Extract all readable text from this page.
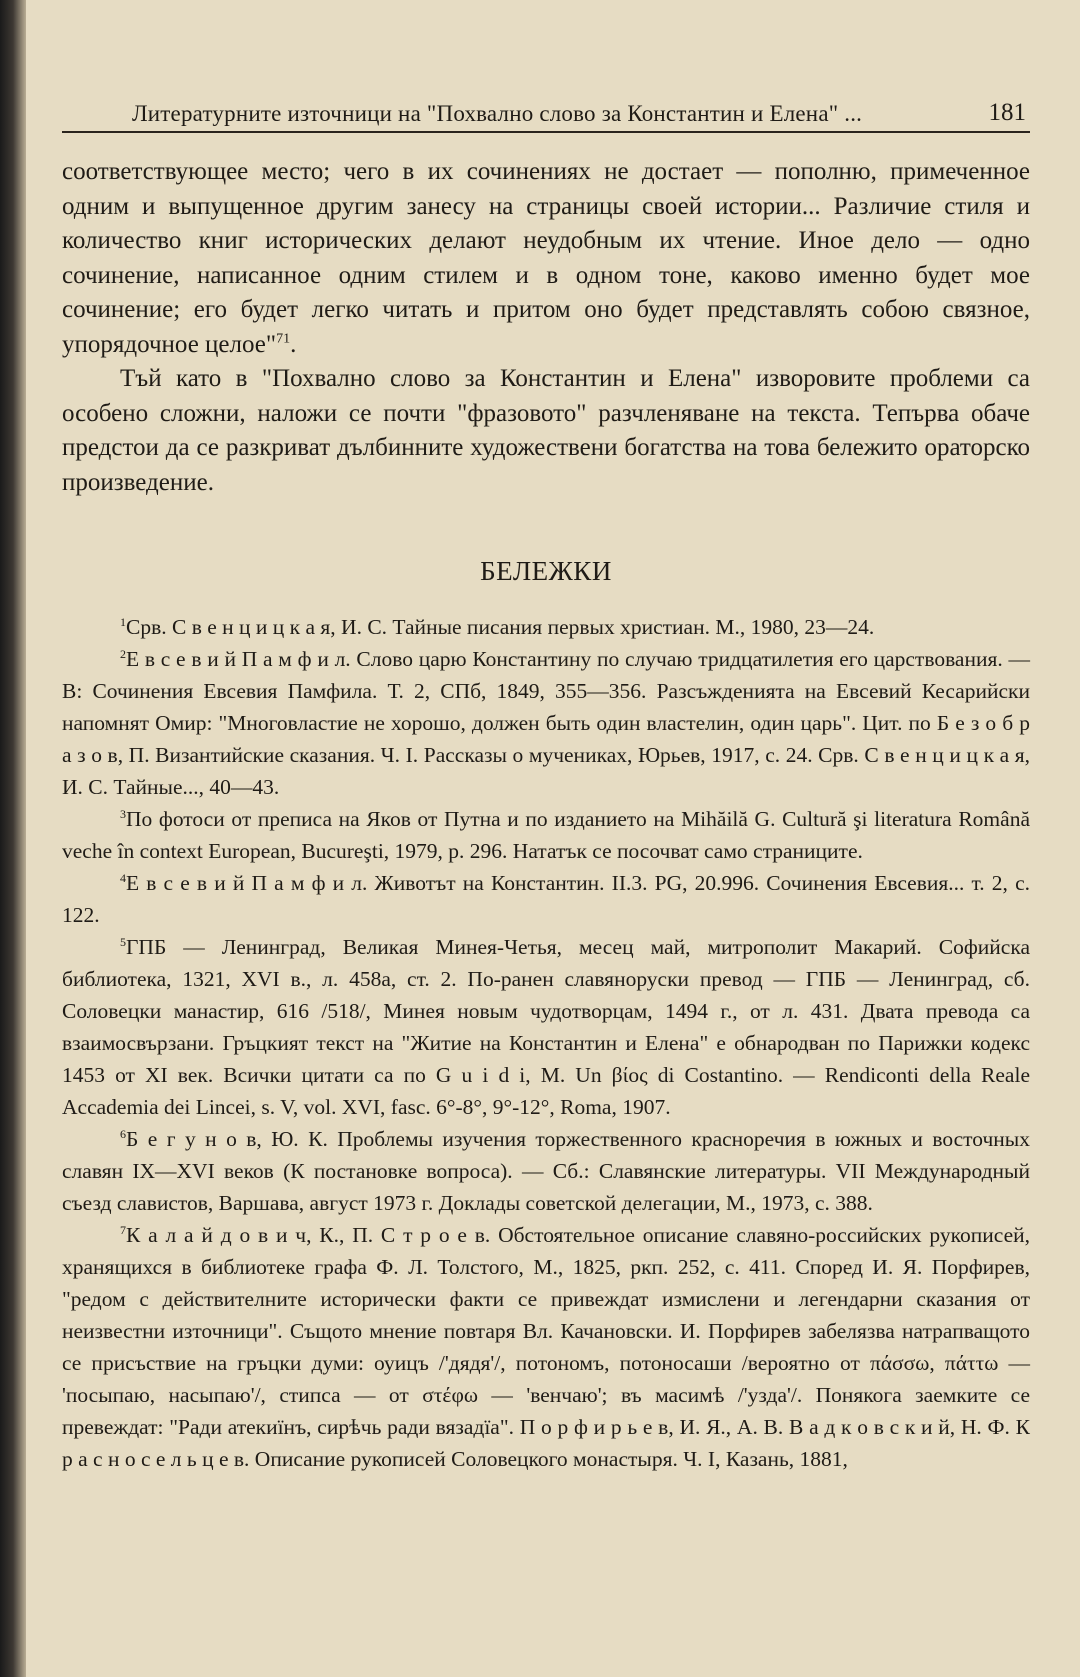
Литературните източници на "Похвално слово за Константин и Елена" ...	181

соответствующее место; чего в их сочинениях не достает — пополню, примеченное одним и выпущенное другим занесу на страницы своей истории... Различие стиля и количество книг исторических делают неудобным их чтение. Иное дело — одно сочинение, написанное одним стилем и в одном тоне, каково именно будет мое сочинение; его будет легко читать и притом оно будет представлять собою связное, упорядочное целое"$^{71}$.

Тъй като в "Похвално слово за Константин и Елена" изворовите проблеми са особено сложни, наложи се почти "фразовото" разчленяване на текста. Тепърва обаче предстои да се разкриват дълбинните художествени богатства на това бележито ораторско произведение.

БЕЛЕЖКИ

$^1$Срв. С в е н ц и ц к а я, И. С. Тайные писания первых христиан. М., 1980, 23—24.

$^2$Е в с е в и й П а м ф и л. Слово царю Константину по случаю тридцатилетия его царствования. — В: Сочинения Евсевия Памфила. Т. 2, СПб, 1849, 355—356. Разсъжденията на Евсевий Кесарийски напомнят Омир: "Многовластие не хорошо, должен быть один властелин, один царь". Цит. по Б е з о б р а з о в, П. Византийские сказания. Ч. I. Рассказы о мучениках, Юрьев, 1917, с. 24. Срв. С в е н ц и ц к а я, И. С. Тайные..., 40—43.

$^3$По фотоси от преписа на Яков от Путна и по изданието на Mihăilă G. Cultură şi literatura Română veche în context European, Bucureşti, 1979, p. 296. Нататък се посочват само страниците.

$^4$Е в с е в и й П а м ф и л. Животът на Константин. II.3. PG, 20.996. Сочинения Евсевия... т. 2, с. 122.

$^5$ГПБ — Ленинград, Великая Минея-Четья, месец май, митрополит Макарий. Софийска библиотека, 1321, XVI в., л. 458а, ст. 2. По-ранен славяноруски превод — ГПБ — Ленинград, сб. Соловецки манастир, 616 /518/, Минея новым чудотворцам, 1494 г., от л. 431. Двата превода са взаимосвързани. Гръцкият текст на "Житие на Константин и Елена" е обнародван по Парижки кодекс 1453 от XI век. Всички цитати са по G u i d i, M. Un βίος di Costantino. — Rendiconti della Reale Accademia dei Lincei, s. V, vol. XVI, fasc. 6°-8°, 9°-12°, Roma, 1907.

$^6$Б е г у н о в, Ю. К. Проблемы изучения торжественного красноречия в южных и восточных славян IX—XVI веков (К постановке вопроса). — Сб.: Славянские литературы. VII Международный съезд славистов, Варшава, август 1973 г. Доклады советской делегации, М., 1973, с. 388.

$^7$К а л а й д о в и ч, К., П. С т р о е в. Обстоятельное описание славяно-российских рукописей, хранящихся в библиотеке графа Ф. Л. Толстого, М., 1825, ркп. 252, с. 411. Според И. Я. Порфирев, "редом с действителните исторически факти се привеждат измислени и легендарни сказания от неизвестни източници". Същото мнение повтаря Вл. Качановски. И. Порфирев забелязва натрапващото се присъствие на гръцки думи: оуицъ /'дядя'/, потономъ, потоносаши /вероятно от πάσσω, πάττω — 'посыпаю, насыпаю'/, стипса — от στέφω — 'венчаю'; въ масимѣ /'узда'/. Понякога заемките се превеждат: "Ради атекиїнъ, сирѣчь ради вязадїа". П о р ф и р ь е в, И. Я., А. В. В а д к о в с к и й, Н. Ф. К р а с н о с е л ь ц е в. Описание рукописей Соловецкого монастыря. Ч. I, Казань, 1881,
